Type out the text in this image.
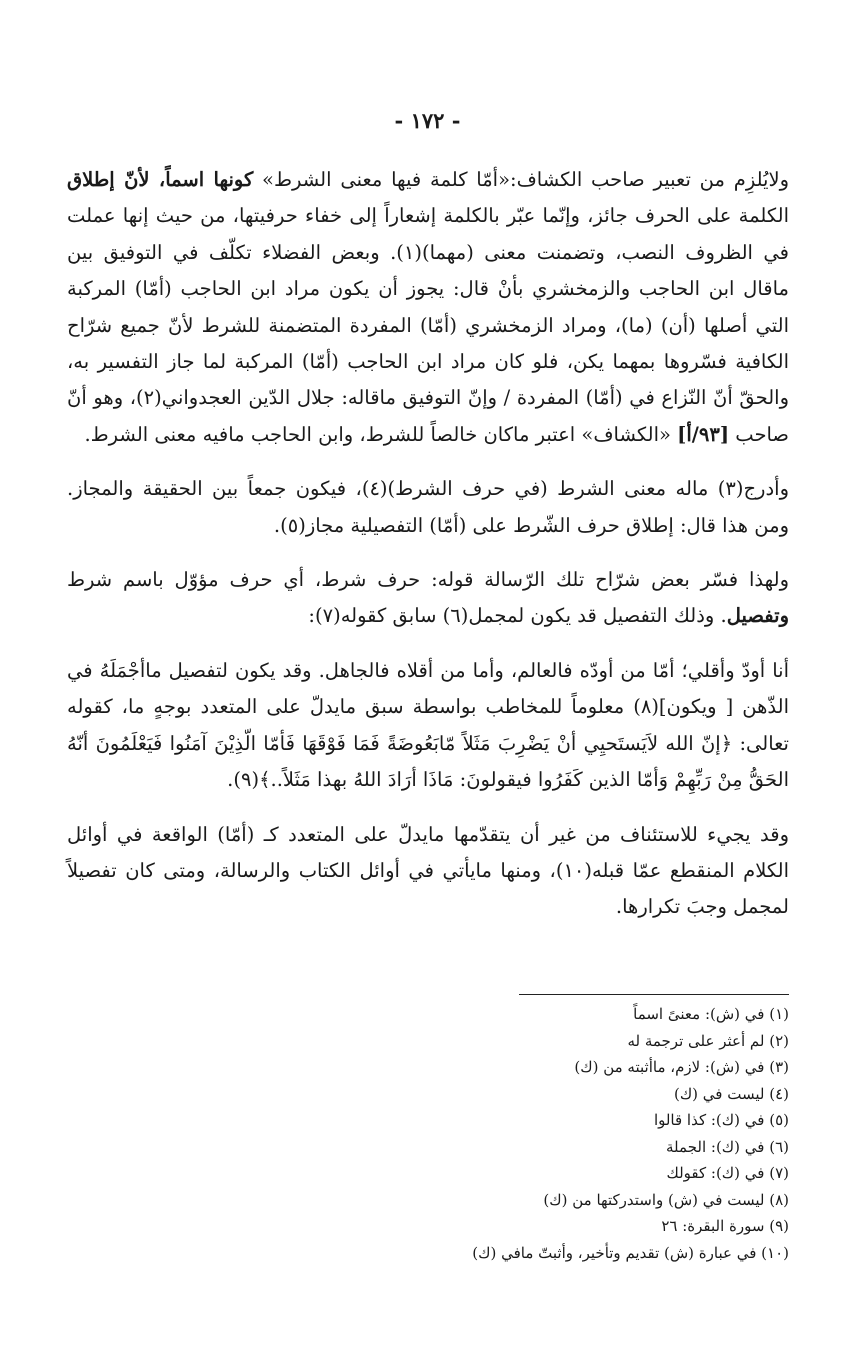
- ١٧٢ -

ولايُلزِم من تعبير صاحب الكشاف:«أمّا كلمة فيها معنى الشرط» كونها اسماً، لأنّ إطلاق الكلمة على الحرف جائز، وإنّما عبّر بالكلمة إشعاراً إلى خفاء حرفيتها، من حيث إنها عملت في الظروف النصب، وتضمنت معنى (مهما)(١). وبعض الفضلاء تكلّف في التوفيق بين ماقال ابن الحاجب والزمخشري بأنْ قال: يجوز أن يكون مراد ابن الحاجب (أمّا) المركبة التي أصلها (أن) (ما)، ومراد الزمخشري (أمّا) المفردة المتضمنة للشرط لأنّ جميع شرّاح الكافية فسّروها بمهما يكن، فلو كان مراد ابن الحاجب (أمّا) المركبة لما جاز التفسير به، والحقّ أنّ النّزاع في (أمّا) المفردة / وإنّ التوفيق ماقاله: جلال الدّين العجدواني(٢)، وهو أنّ صاحب [٩٣/أ] «الكشاف» اعتبر ماكان خالصاً للشرط، وابن الحاجب مافيه معنى الشرط.

وأدرج(٣) ماله معنى الشرط (في حرف الشرط)(٤)، فيكون جمعاً بين الحقيقة والمجاز. ومن هذا قال: إطلاق حرف الشّرط على (أمّا) التفصيلية مجاز(٥).

ولهذا فسّر بعض شرّاح تلك الرّسالة قوله: حرف شرط، أي حرف مؤوّل باسم شرط وتفصيل. وذلك التفصيل قد يكون لمجمل(٦) سابق كقوله(٧):

أنا أودّ وأقلي؛ أمّا من أودّه فالعالم، وأما من أقلاه فالجاهل. وقد يكون لتفصيل ماأجْمَلَهُ في الذّهن [ ويكون](٨) معلوماً للمخاطب بواسطة سبق مايدلّ على المتعدد بوجهٍ ما، كقوله تعالى: ﴿إنّ الله لاَيَستَحيِي أنْ يَضْرِبَ مَثَلاً مّابَعُوضَةً فَمَا فَوْقَهَا فَأمّا الّذِيْنَ آمَنُوا فَيَعْلَمُونَ أنّهُ الحَقُّ مِنْ رَبِّهِمْ وَأمّا الذين كَفَرُوا فيقولونَ: مَاذَا أرَادَ اللهُ بهذا مَثَلاً..﴾(٩).

وقد يجيء للاستئناف من غير أن يتقدّمها مايدلّ على المتعدد كـ (أمّا) الواقعة في أوائل الكلام المنقطع عمّا قبله(١٠)، ومنها مايأتي في أوائل الكتاب والرسالة، ومتى كان تفصيلاً لمجمل وجبَ تكرارها.

(١) في (ش): معنىً اسماً
(٢) لم أعثر على ترجمة له
(٣) في (ش): لازم، ماأثبته من (ك)
(٤) ليست في (ك)
(٥) في (ك): كذا قالوا
(٦) في (ك): الجملة
(٧) في (ك): كقولك
(٨) ليست في (ش) واستدركتها من (ك)
(٩) سورة البقرة: ٢٦
(١٠) في عبارة (ش) تقديم وتأخير، وأثبتّ مافي (ك)
